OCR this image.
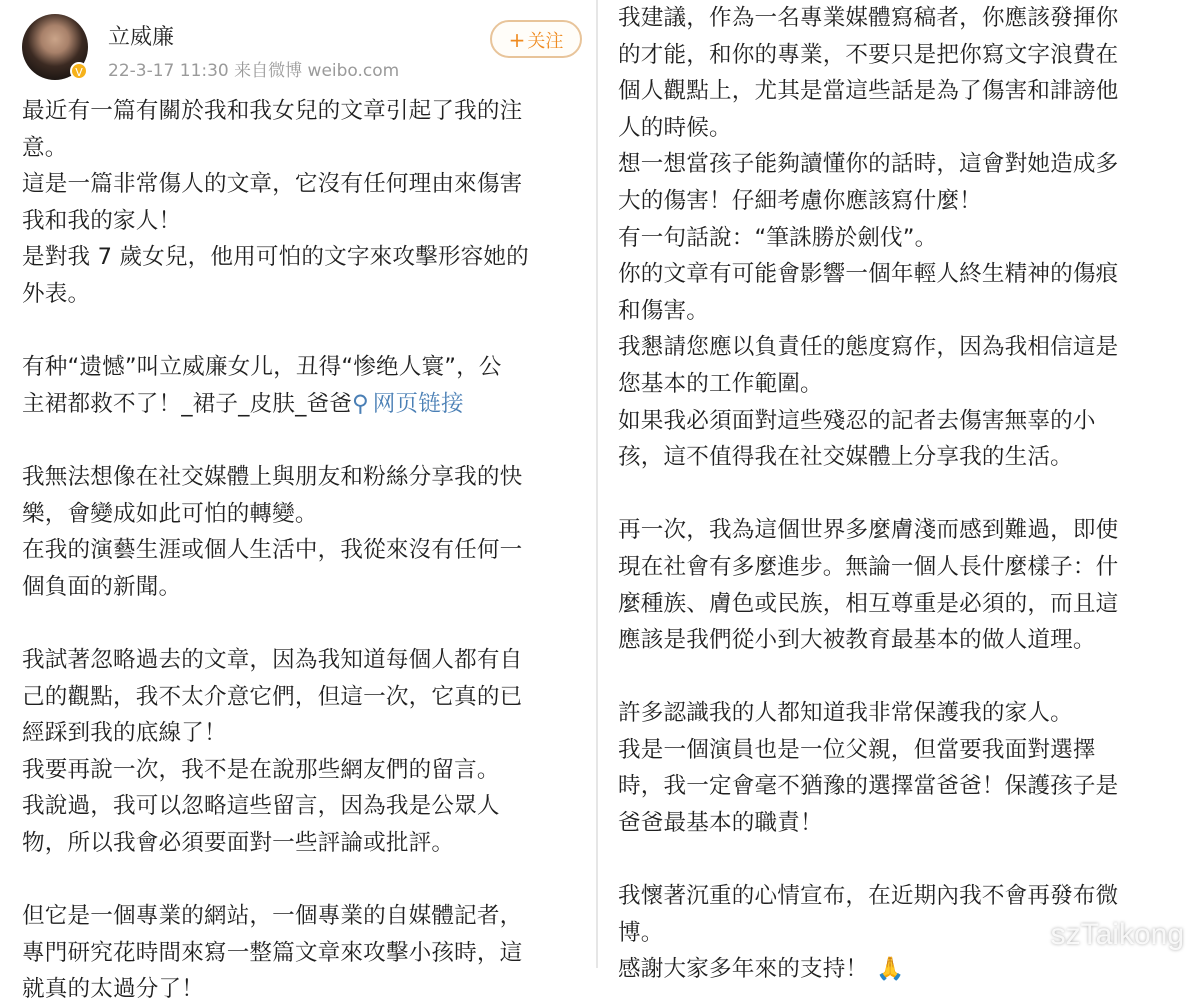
V
立威廉
22-3-17 11:30 来自微博 weibo.com
+ 关注
最近有一篇有關於我和我女兒的文章引起了我的注
意。
這是一篇非常傷人的文章，它沒有任何理由來傷害
我和我的家人！
是對我 7 歲女兒，他用可怕的文字來攻擊形容她的
外表。
有种“遗憾”叫立威廉女儿，丑得“惨绝人寰”，公
主裙都救不了！_裙子_皮肤_爸爸⚲ 网页链接
我無法想像在社交媒體上與朋友和粉絲分享我的快
樂，會變成如此可怕的轉變。
在我的演藝生涯或個人生活中，我從來沒有任何一
個負面的新聞。
我試著忽略過去的文章，因為我知道每個人都有自
己的觀點，我不太介意它們，但這一次，它真的已
經踩到我的底線了！
我要再說一次，我不是在說那些網友們的留言。
我說過，我可以忽略這些留言，因為我是公眾人
物，所以我會必須要面對一些評論或批評。
但它是一個專業的網站，一個專業的自媒體記者，
專門研究花時間來寫一整篇文章來攻擊小孩時，這
就真的太過分了！
我建議，作為一名專業媒體寫稿者，你應該發揮你
的才能，和你的專業，不要只是把你寫文字浪費在
個人觀點上，尤其是當這些話是為了傷害和誹謗他
人的時候。
想一想當孩子能夠讀懂你的話時，這會對她造成多
大的傷害！仔細考慮你應該寫什麼！
有一句話說：“筆誅勝於劍伐”。
你的文章有可能會影響一個年輕人終生精神的傷痕
和傷害。
我懇請您應以負責任的態度寫作，因為我相信這是
您基本的工作範圍。
如果我必須面對這些殘忍的記者去傷害無辜的小
孩，這不值得我在社交媒體上分享我的生活。
再一次，我為這個世界多麼膚淺而感到難過，即使
現在社會有多麼進步。無論一個人長什麼樣子：什
麼種族、膚色或民族，相互尊重是必須的，而且這
應該是我們從小到大被教育最基本的做人道理。
許多認識我的人都知道我非常保護我的家人。
我是一個演員也是一位父親，但當要我面對選擇
時，我一定會毫不猶豫的選擇當爸爸！保護孩子是
爸爸最基本的職責！
我懷著沉重的心情宣布，在近期內我不會再發布微
博。
感謝大家多年來的支持！ 🙏
szTaikong
